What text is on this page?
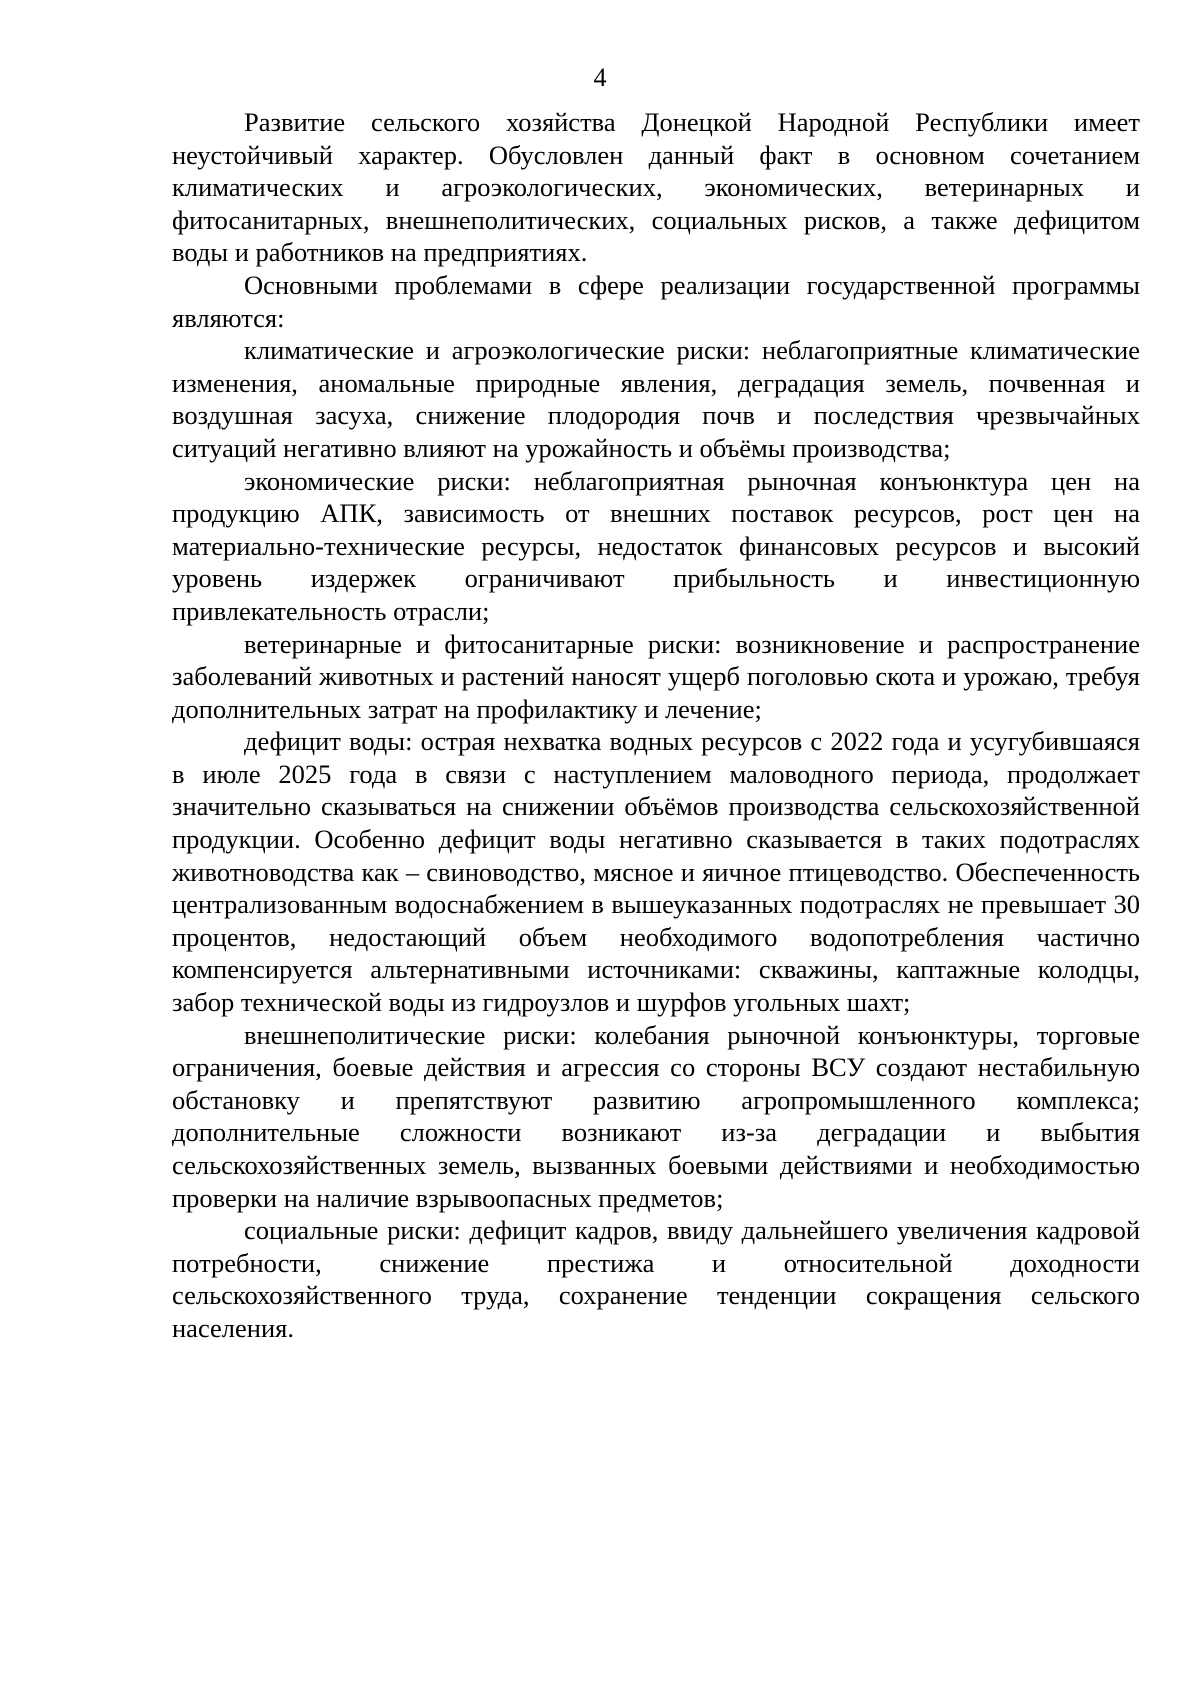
4

Развитие сельского хозяйства Донецкой Народной Республики имеет неустойчивый характер. Обусловлен данный факт в основном сочетанием климатических и агроэкологических, экономических, ветеринарных и фитосанитарных, внешнеполитических, социальных рисков, а также дефицитом воды и работников на предприятиях.

Основными проблемами в сфере реализации государственной программы являются:

климатические и агроэкологические риски: неблагоприятные климатические изменения, аномальные природные явления, деградация земель, почвенная и воздушная засуха, снижение плодородия почв и последствия чрезвычайных ситуаций негативно влияют на урожайность и объёмы производства;

экономические риски: неблагоприятная рыночная конъюнктура цен на продукцию АПК, зависимость от внешних поставок ресурсов, рост цен на материально-технические ресурсы, недостаток финансовых ресурсов и высокий уровень издержек ограничивают прибыльность и инвестиционную привлекательность отрасли;

ветеринарные и фитосанитарные риски: возникновение и распространение заболеваний животных и растений наносят ущерб поголовью скота и урожаю, требуя дополнительных затрат на профилактику и лечение;

дефицит воды: острая нехватка водных ресурсов с 2022 года и усугубившаяся в июле 2025 года в связи с наступлением маловодного периода, продолжает значительно сказываться на снижении объёмов производства сельскохозяйственной продукции. Особенно дефицит воды негативно сказывается в таких подотраслях животноводства как – свиноводство, мясное и яичное птицеводство. Обеспеченность централизованным водоснабжением в вышеуказанных подотраслях не превышает 30 процентов, недостающий объем необходимого водопотребления частично компенсируется альтернативными источниками: скважины, каптажные колодцы, забор технической воды из гидроузлов и шурфов угольных шахт;

внешнеполитические риски: колебания рыночной конъюнктуры, торговые ограничения, боевые действия и агрессия со стороны ВСУ создают нестабильную обстановку и препятствуют развитию агропромышленного комплекса; дополнительные сложности возникают из-за деградации и выбытия сельскохозяйственных земель, вызванных боевыми действиями и необходимостью проверки на наличие взрывоопасных предметов;

социальные риски: дефицит кадров, ввиду дальнейшего увеличения кадровой потребности, снижение престижа и относительной доходности сельскохозяйственного труда, сохранение тенденции сокращения сельского населения.
